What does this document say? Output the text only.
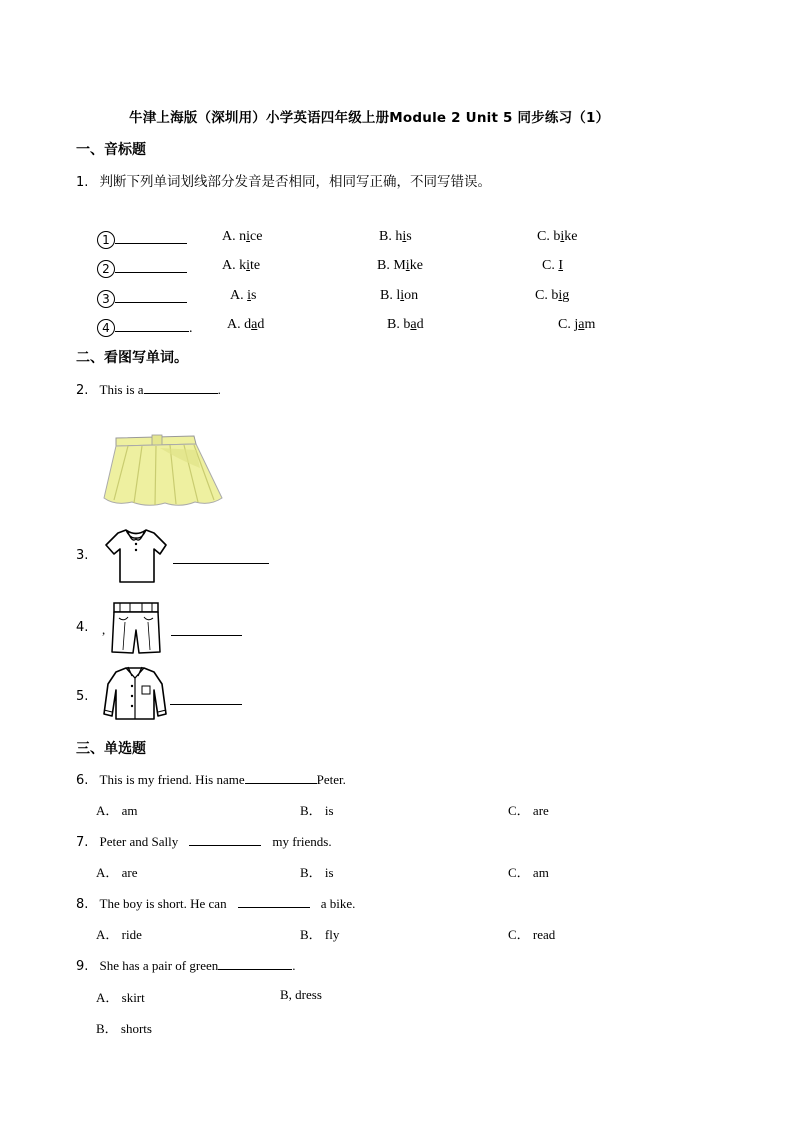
牛津上海版（深圳用）小学英语四年级上册Module 2 Unit 5 同步练习（1）
一、音标题
1. 判断下列单词划线部分发音是否相同，相同写正确，不同写错误。
1	A. nice	B. his	C. bike
2	A. kite	B. Mike	C. I
3	A. is	B. lion	C. big
4	. A. dad	B. bad	C. jam
二、看图写单词。
2. This is a	.
3.
4. ,
5.
三、单选题
6. This is my friend. His name	Peter.
A． am	B． is	C． are
7. Peter and Sally	my friends.
A． are	B． is	C． am
8. The boy is short. He can	a bike.
A． ride	B． fly	C． read
9. She has a pair of green	.
A． skirt	B, dress
B． shorts
